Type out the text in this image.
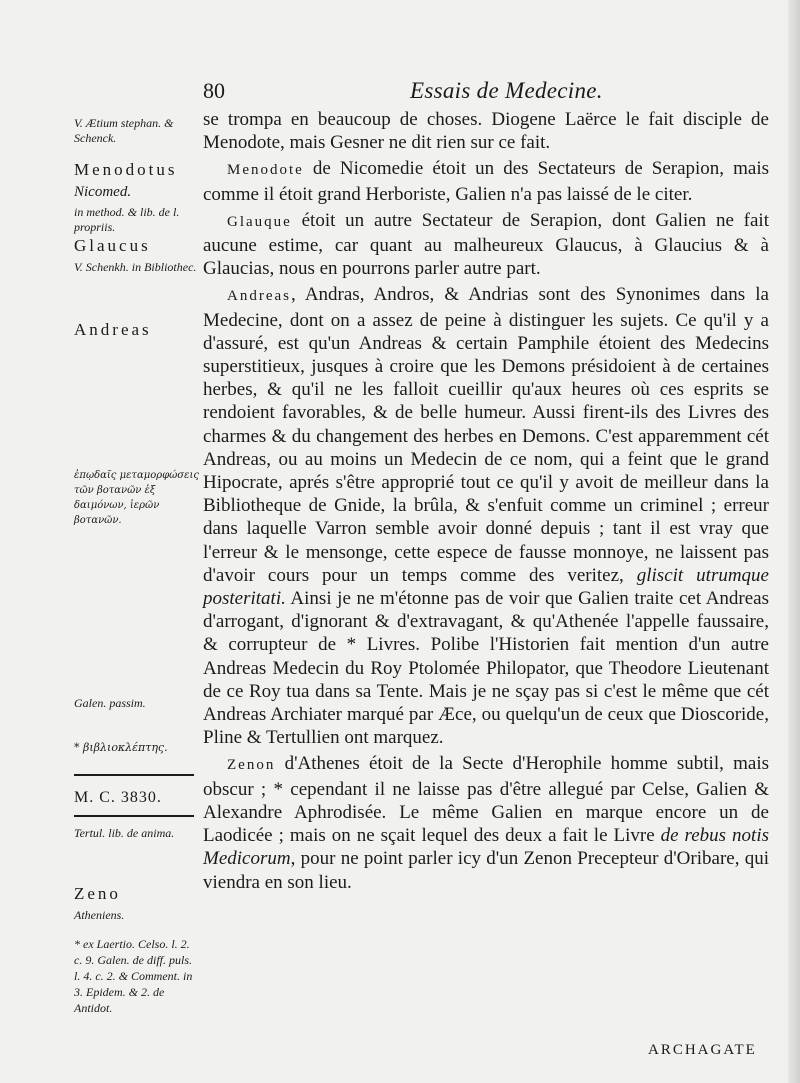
80	Essais de Medecine.
V. Ætium stephan. & Schenck.
Menodotus
Nicomed.
in method. & lib. de l. propriis.
Glaucus
V. Schenkh. in Bibliothec.
Andreas
ἐπῳδαῖς μεταμορφώσεις τῶν βοτανῶν ἐξ δαιμόνων, ἱερῶν βοτανῶν.
Galen. passim.
* βιβλιοκλέπτης.
M. C. 3830.
Tertul. lib. de anima.
Zeno
Atheniens.
* ex Laertio. Celso. l. 2. c. 9. Galen. de diff. puls. l. 4. c. 2. & Comment. in 3. Epidem. & 2. de Antidot.

se trompa en beaucoup de choses. Diogene Laërce le fait disciple de Menodote, mais Gesner ne dit rien sur ce fait.

Menodote de Nicomedie étoit un des Sectateurs de Serapion, mais comme il étoit grand Herboriste, Galien n'a pas laissé de le citer.

Glauque étoit un autre Sectateur de Serapion, dont Galien ne fait aucune estime, car quant au malheureux Glaucus, à Glaucius & à Glaucias, nous en pourrons parler autre part.

Andreas, Andras, Andros, & Andrias sont des Synonimes dans la Medecine, dont on a assez de peine à distinguer les sujets. Ce qu'il y a d'assuré, est qu'un Andreas & certain Pamphile étoient des Medecins superstitieux, jusques à croire que les Demons présidoient à de certaines herbes, & qu'il ne les falloit cueillir qu'aux heures où ces esprits se rendoient favorables, & de belle humeur. Aussi firent-ils des Livres des charmes & du changement des herbes en Demons. C'est apparemment cét Andreas, ou au moins un Medecin de ce nom, qui a feint que le grand Hipocrate, aprés s'être approprié tout ce qu'il y avoit de meilleur dans la Bibliotheque de Gnide, la brûla, & s'enfuit comme un criminel ; erreur dans laquelle Varron semble avoir donné depuis ; tant il est vray que l'erreur & le mensonge, cette espece de fausse monnoye, ne laissent pas d'avoir cours pour un temps comme des veritez, gliscit utrumque posteritati. Ainsi je ne m'étonne pas de voir que Galien traite cet Andreas d'arrogant, d'ignorant & d'extravagant, & qu'Athenée l'appelle faussaire, & corrupteur de * Livres. Polibe l'Historien fait mention d'un autre Andreas Medecin du Roy Ptolomée Philopator, que Theodore Lieutenant de ce Roy tua dans sa Tente. Mais je ne sçay pas si c'est le même que cét Andreas Archiater marqué par Æce, ou quelqu'un de ceux que Dioscoride, Pline & Tertullien ont marquez.

Zenon d'Athenes étoit de la Secte d'Herophile homme subtil, mais obscur ; * cependant il ne laisse pas d'être allegué par Celse, Galien & Alexandre Aphrodisée. Le même Galien en marque encore un de Laodicée ; mais on ne sçait lequel des deux a fait le Livre de rebus notis Medicorum, pour ne point parler icy d'un Zenon Precepteur d'Oribare, qui viendra en son lieu.

ARCHAGATE
